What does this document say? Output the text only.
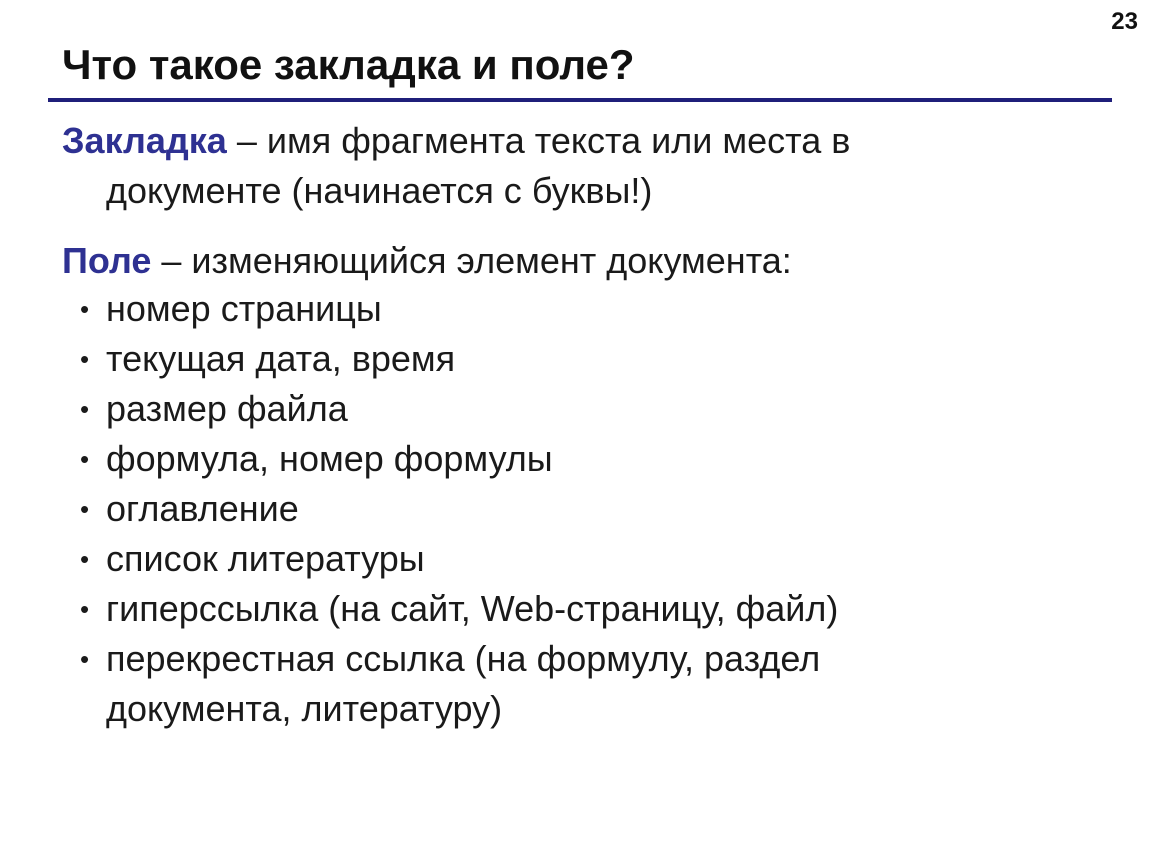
23
Что такое закладка и поле?

Закладка – имя фрагмента текста или места в
документе (начинается с буквы!)

Поле – изменяющийся элемент документа:

• номер страницы
• текущая дата, время
• размер файла
• формула, номер формулы
• оглавление
• список литературы
• гиперссылка (на сайт, Web-страницу, файл)
• перекрестная ссылка (на формулу, раздел
документа, литературу)
